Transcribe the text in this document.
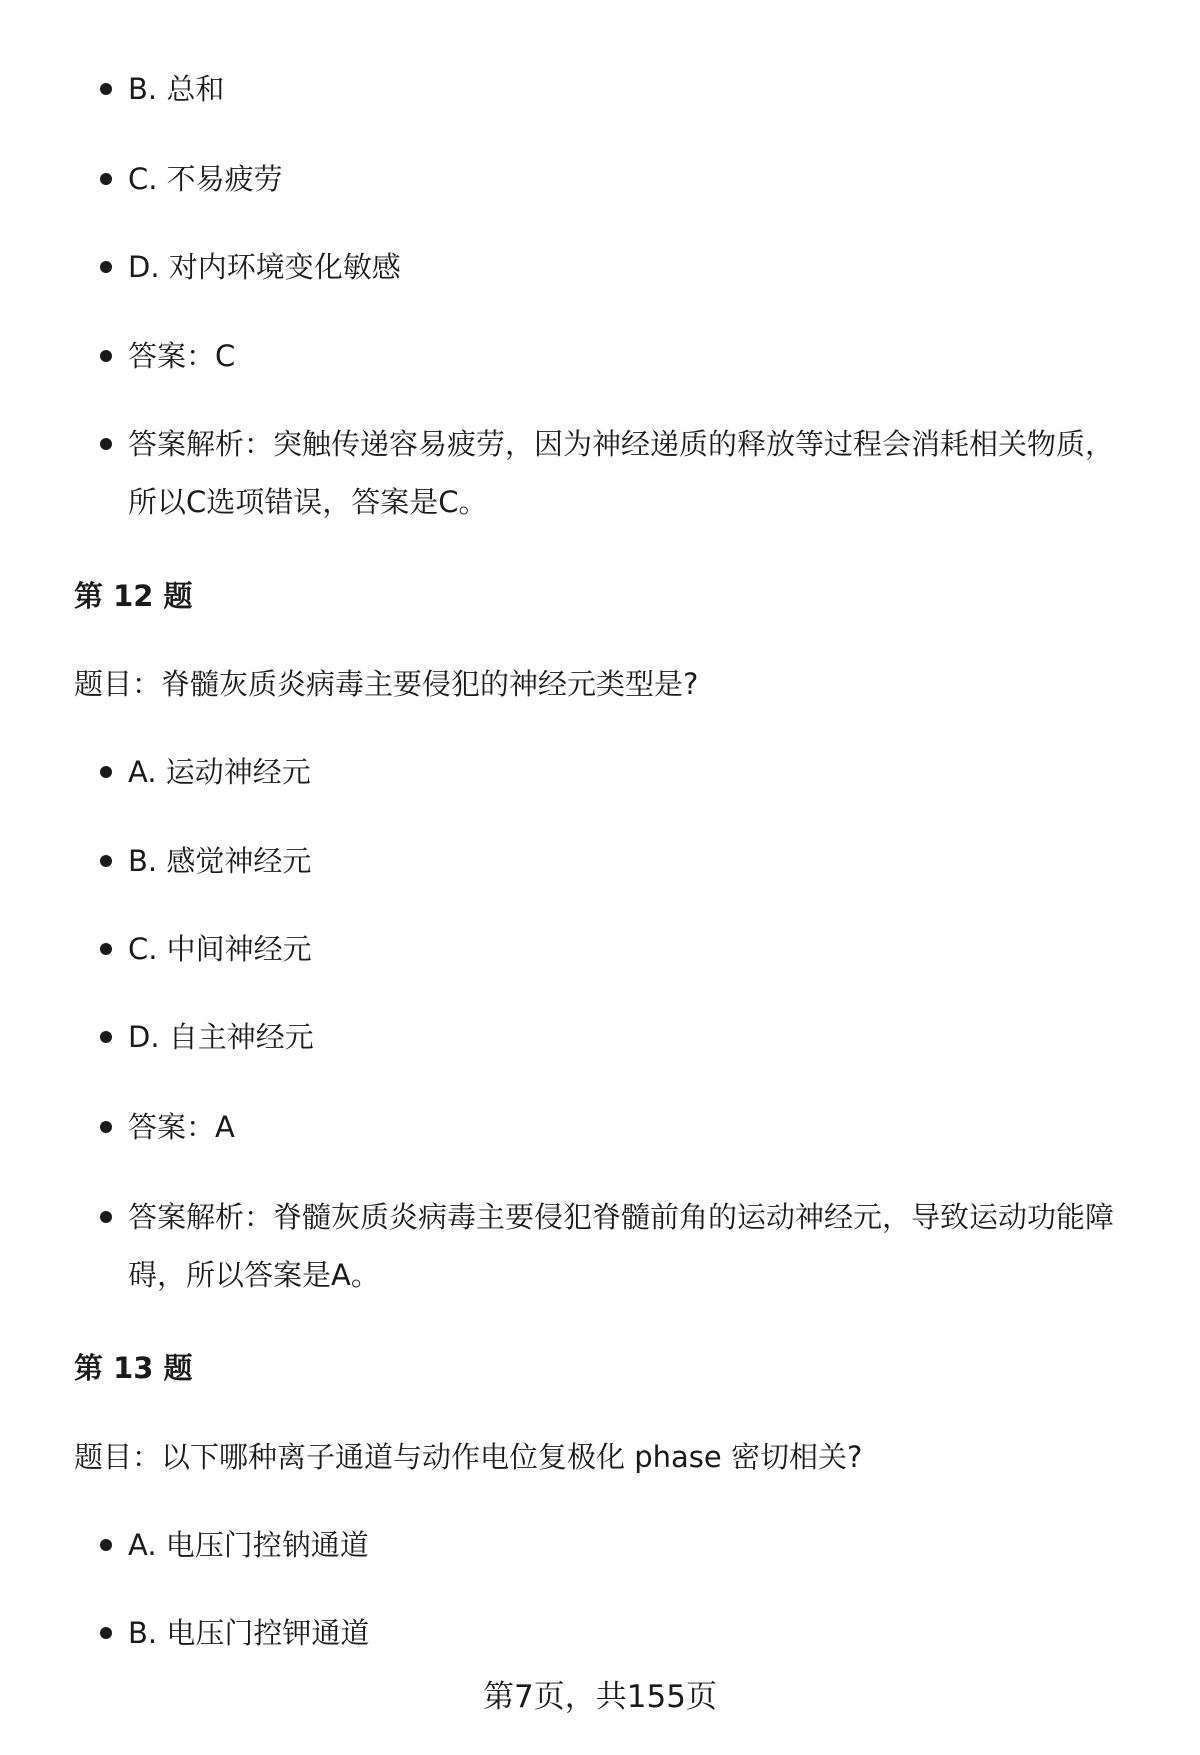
B. 总和

C. 不易疲劳

D. 对内环境变化敏感

答案：C

答案解析：突触传递容易疲劳，因为神经递质的释放等过程会消耗相关物质，所以C选项错误，答案是C。

第 12 题

题目：脊髓灰质炎病毒主要侵犯的神经元类型是?

A. 运动神经元

B. 感觉神经元

C. 中间神经元

D. 自主神经元

答案：A

答案解析：脊髓灰质炎病毒主要侵犯脊髓前角的运动神经元，导致运动功能障碍，所以答案是A。

第 13 题

题目：以下哪种离子通道与动作电位复极化 phase 密切相关?

A. 电压门控钠通道

B. 电压门控钾通道

第7页，共155页
